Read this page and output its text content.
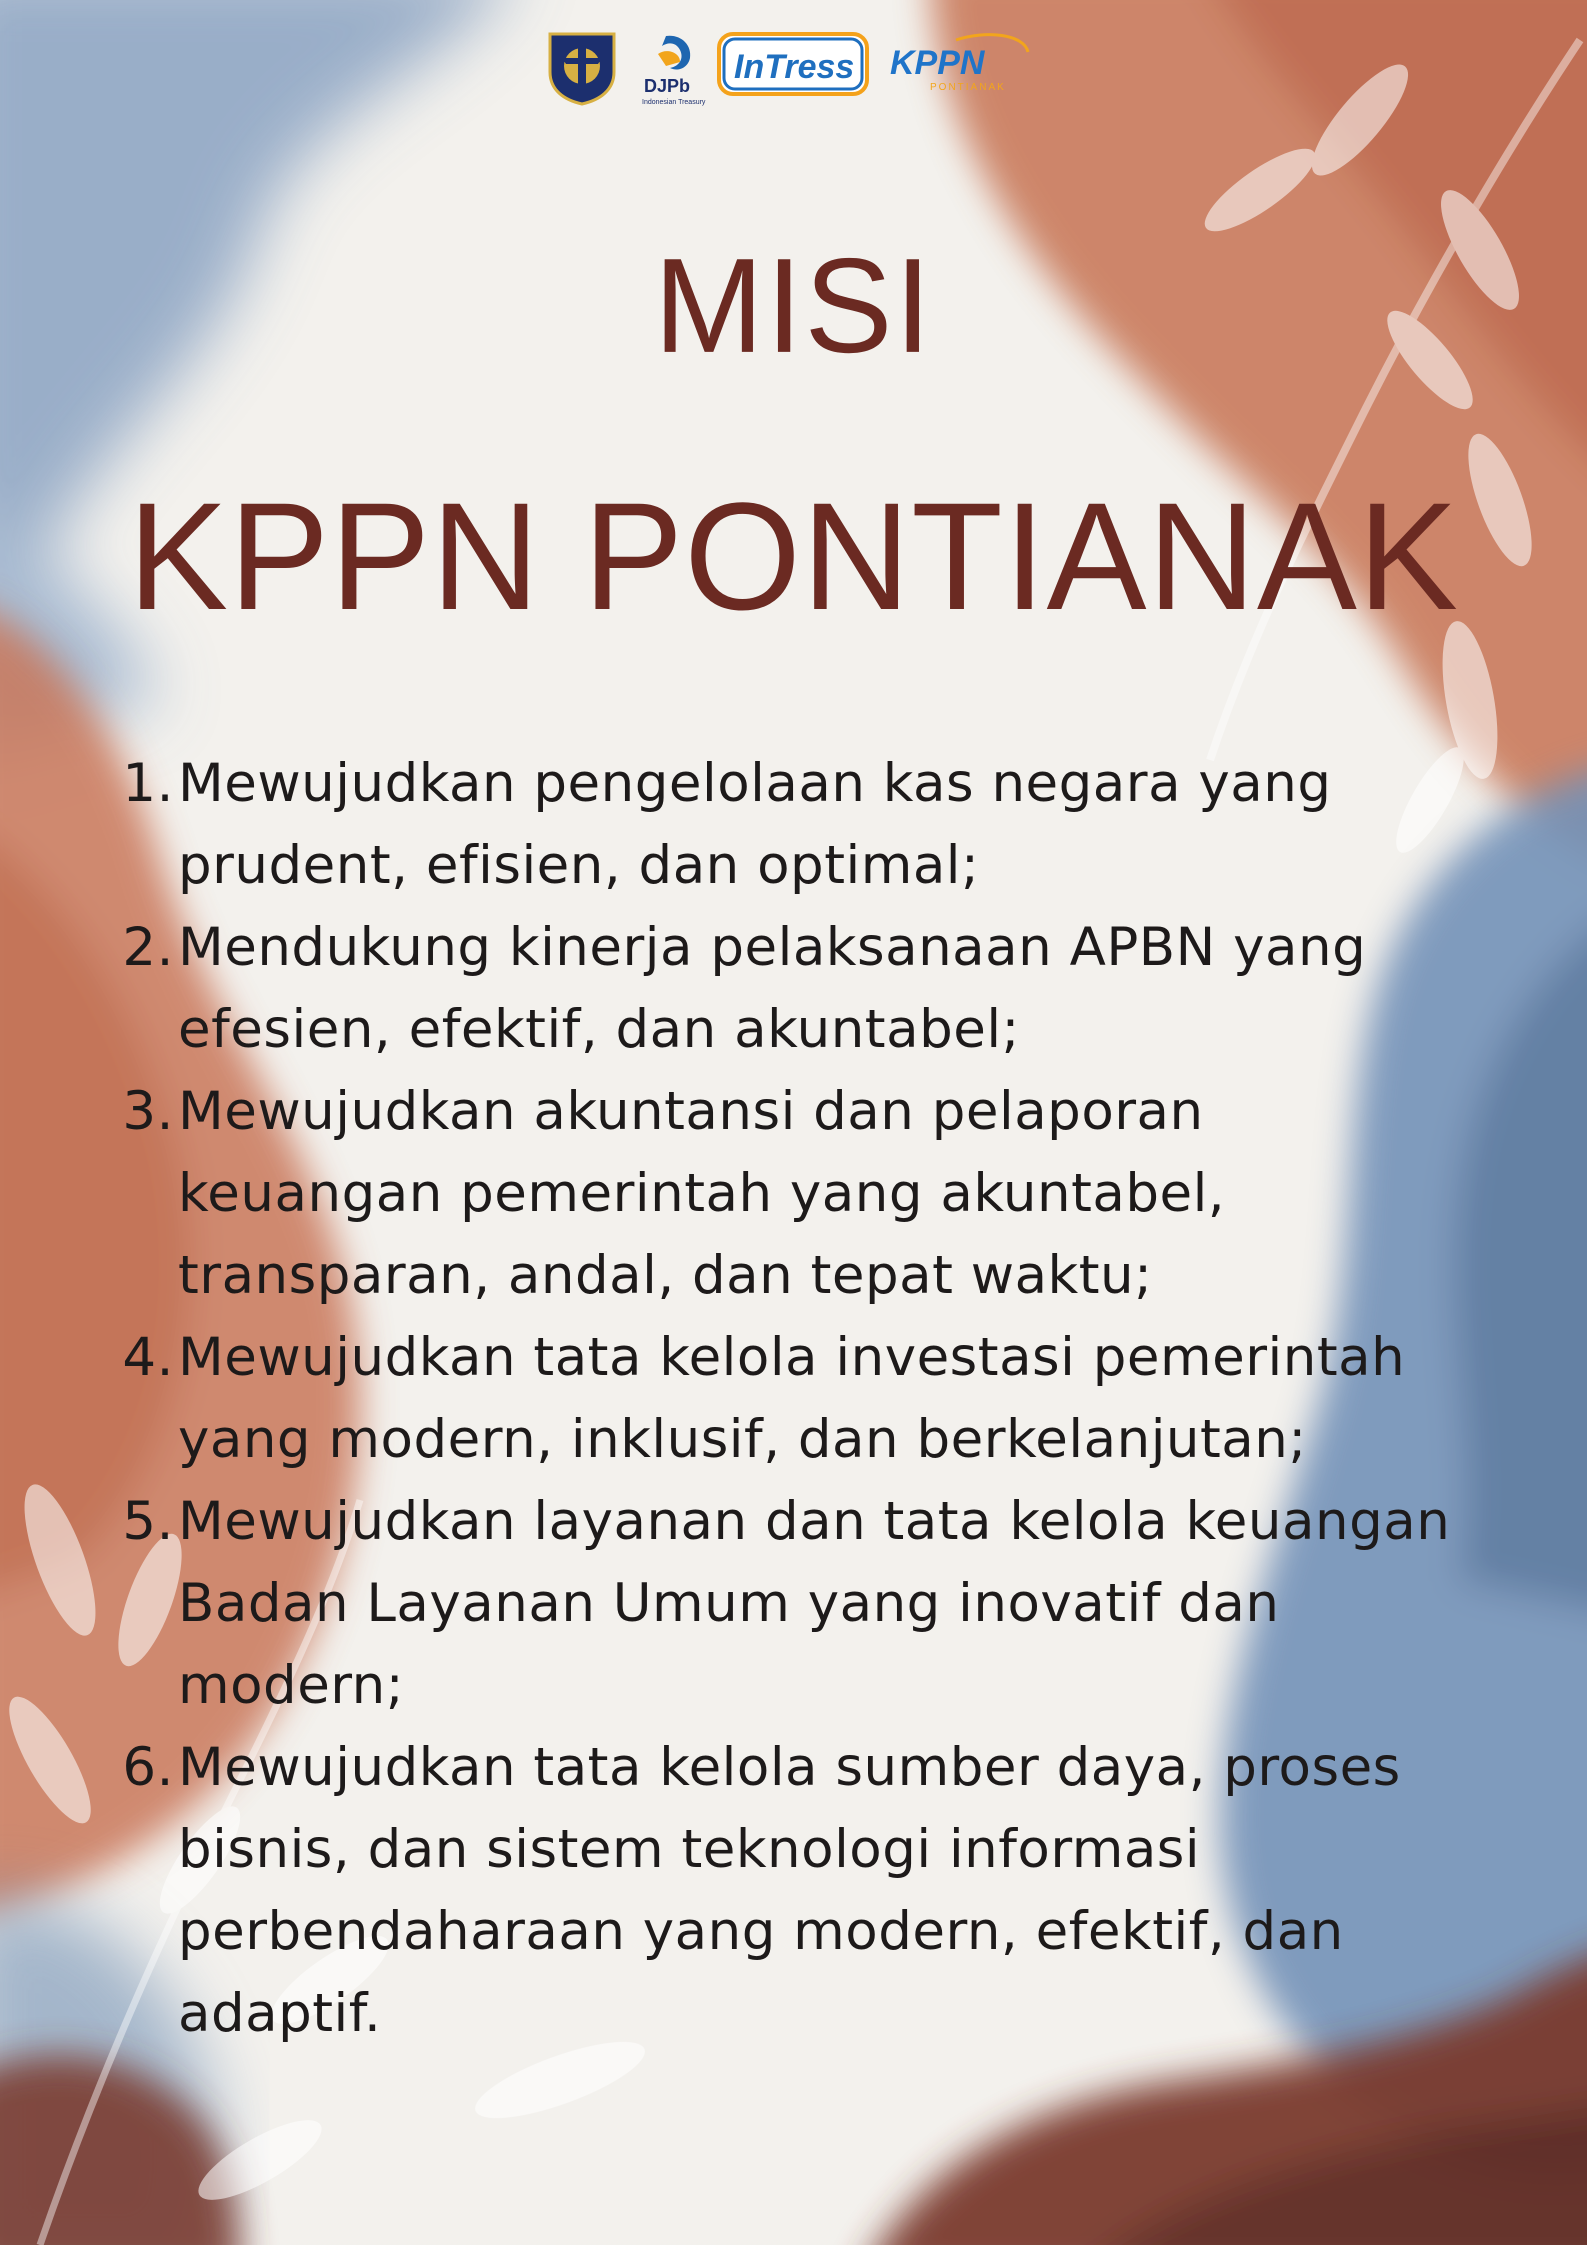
DJPb
Indonesian Treasury
InTress KPPN
PONTIANAK
MISI
KPPN PONTIANAK
1. Mewujudkan pengelolaan kas negara yang
prudent, efisien, dan optimal;
2. Mendukung kinerja pelaksanaan APBN yang
efesien, efektif, dan akuntabel;
3. Mewujudkan akuntansi dan pelaporan
keuangan pemerintah yang akuntabel,
transparan, andal, dan tepat waktu;
4. Mewujudkan tata kelola investasi pemerintah
yang modern, inklusif, dan berkelanjutan;
5. Mewujudkan layanan dan tata kelola keuangan
Badan Layanan Umum yang inovatif dan
modern;
6. Mewujudkan tata kelola sumber daya, proses
bisnis, dan sistem teknologi informasi
perbendaharaan yang modern, efektif, dan
adaptif.
